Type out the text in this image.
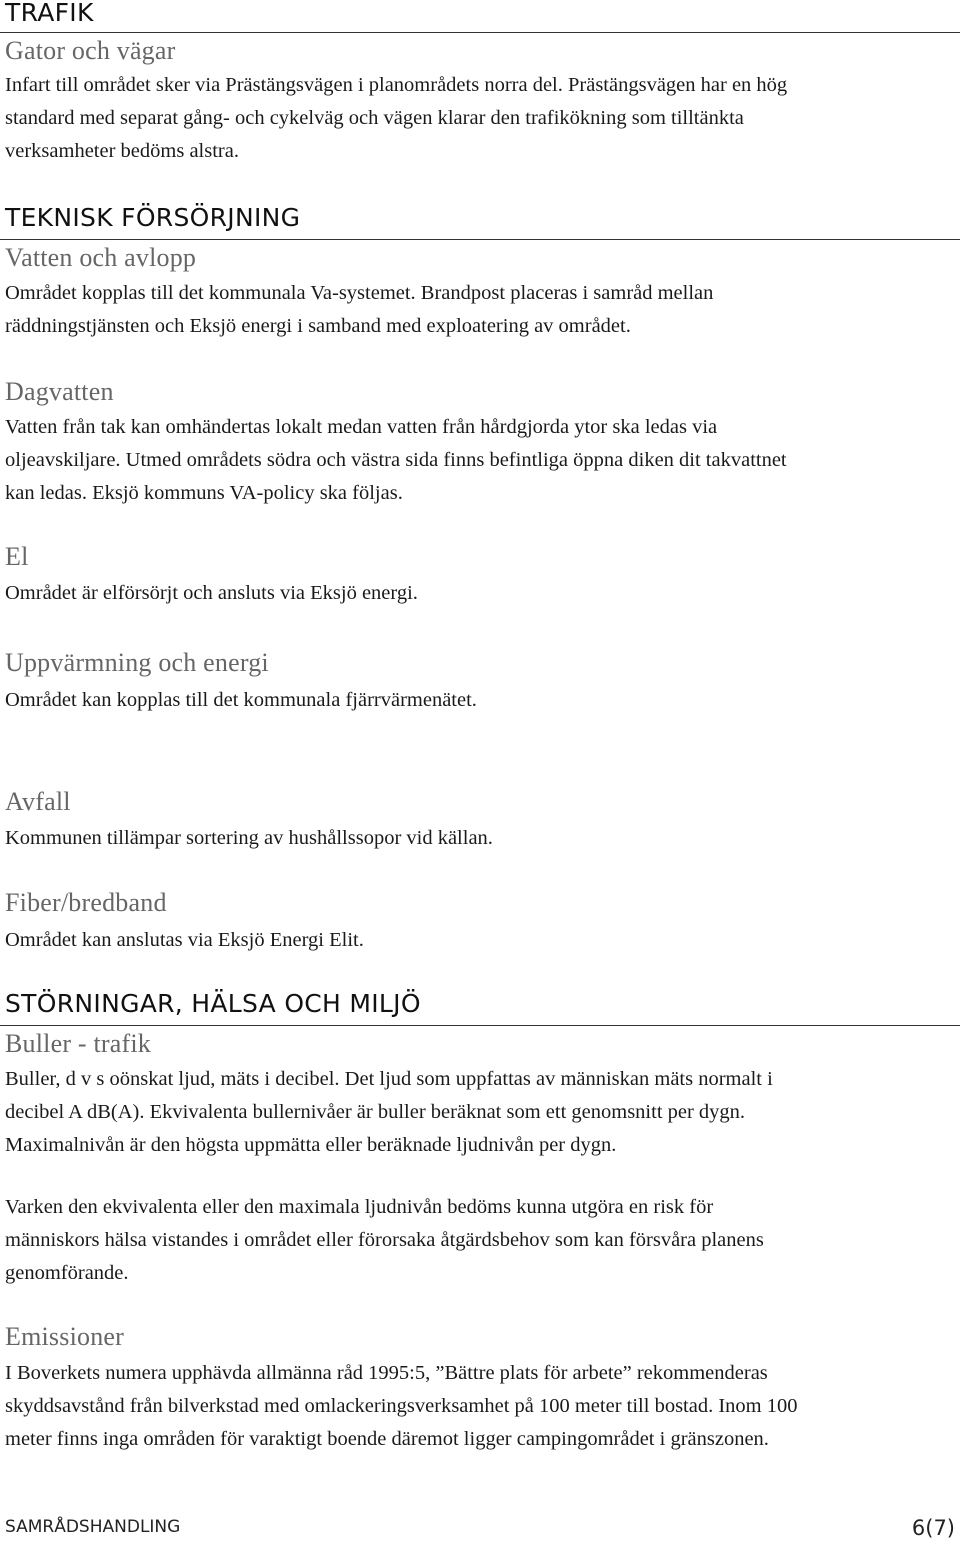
TRAFIK
Gator och vägar
Infart till området sker via Prästängsvägen i planområdets norra del. Prästängsvägen har en hög
standard med separat gång- och cykelväg och vägen klarar den trafikökning som tilltänkta
verksamheter bedöms alstra.
TEKNISK FÖRSÖRJNING
Vatten och avlopp
Området kopplas till det kommunala Va-systemet. Brandpost placeras i samråd mellan
räddningstjänsten och Eksjö energi i samband med exploatering av området.
Dagvatten
Vatten från tak kan omhändertas lokalt medan vatten från hårdgjorda ytor ska ledas via
oljeavskiljare. Utmed områdets södra och västra sida finns befintliga öppna diken dit takvattnet
kan ledas. Eksjö kommuns VA-policy ska följas.
El
Området är elförsörjt och ansluts via Eksjö energi.
Uppvärmning och energi
Området kan kopplas till det kommunala fjärrvärmenätet.
Avfall
Kommunen tillämpar sortering av hushållssopor vid källan.
Fiber/bredband
Området kan anslutas via Eksjö Energi Elit.
STÖRNINGAR, HÄLSA OCH MILJÖ
Buller - trafik
Buller, d v s oönskat ljud, mäts i decibel. Det ljud som uppfattas av människan mäts normalt i
decibel A dB(A). Ekvivalenta bullernivåer är buller beräknat som ett genomsnitt per dygn.
Maximalnivån är den högsta uppmätta eller beräknade ljudnivån per dygn.
Varken den ekvivalenta eller den maximala ljudnivån bedöms kunna utgöra en risk för
människors hälsa vistandes i området eller förorsaka åtgärdsbehov som kan försvåra planens
genomförande.
Emissioner
I Boverkets numera upphävda allmänna råd 1995:5, ”Bättre plats för arbete” rekommenderas
skyddsavstånd från bilverkstad med omlackeringsverksamhet på 100 meter till bostad. Inom 100
meter finns inga områden för varaktigt boende däremot ligger campingområdet i gränszonen.
SAMRÅDSHANDLING	6(7)
